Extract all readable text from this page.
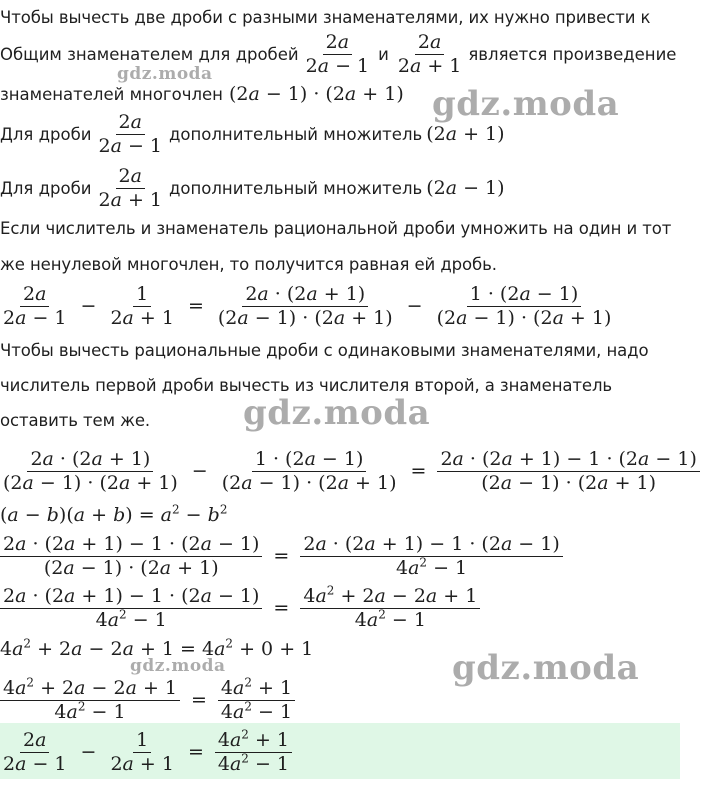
Чтобы вычесть две дроби с разными знаменателями, их нужно привести к
Общим знаменателем для дробей $\frac{2a}{2a - 1}$ и $\frac{2a}{2a + 1}$ является произведение
знаменателей многочлен (2a − 1) · (2a + 1)
Для дроби $\frac{2a}{2a - 1}$ дополнительный множитель (2a + 1)
Для дроби $\frac{2a}{2a + 1}$ дополнительный множитель (2a − 1)
Если числитель и знаменатель рациональной дроби умножить на один и тот
же ненулевой многочлен, то получится равная ей дробь.
$\frac{2a}{2a - 1} - \frac{1}{2a + 1} = \frac{2a \cdot (2a + 1)}{(2a - 1) \cdot (2a + 1)} - \frac{1 \cdot (2a - 1)}{(2a - 1) \cdot (2a + 1)}$
Чтобы вычесть рациональные дроби с одинаковыми знаменателями, надо
числитель первой дроби вычесть из числителя второй, а знаменатель
оставить тем же.
$\frac{2a \cdot (2a + 1)}{(2a - 1) \cdot (2a + 1)} - \frac{1 \cdot (2a - 1)}{(2a - 1) \cdot (2a + 1)} = \frac{2a \cdot (2a + 1) - 1 \cdot (2a - 1)}{(2a - 1) \cdot (2a + 1)}$
$(a - b)(a + b) = a^2 - b^2$
$\frac{2a \cdot (2a + 1) - 1 \cdot (2a - 1)}{(2a - 1) \cdot (2a + 1)} = \frac{2a \cdot (2a + 1) - 1 \cdot (2a - 1)}{4a^2 - 1}$
$\frac{2a \cdot (2a + 1) - 1 \cdot (2a - 1)}{4a^2 - 1} = \frac{4a^2 + 2a - 2a + 1}{4a^2 - 1}$
$4a^2 + 2a - 2a + 1 = 4a^2 + 0 + 1$
$\frac{4a^2 + 2a - 2a + 1}{4a^2 - 1} = \frac{4a^2 + 1}{4a^2 - 1}$
$\frac{2a}{2a - 1} - \frac{1}{2a + 1} = \frac{4a^2 + 1}{4a^2 - 1}$
gdz.moda
gdz.moda
gdz.moda
gdz.moda	gdz.moda
